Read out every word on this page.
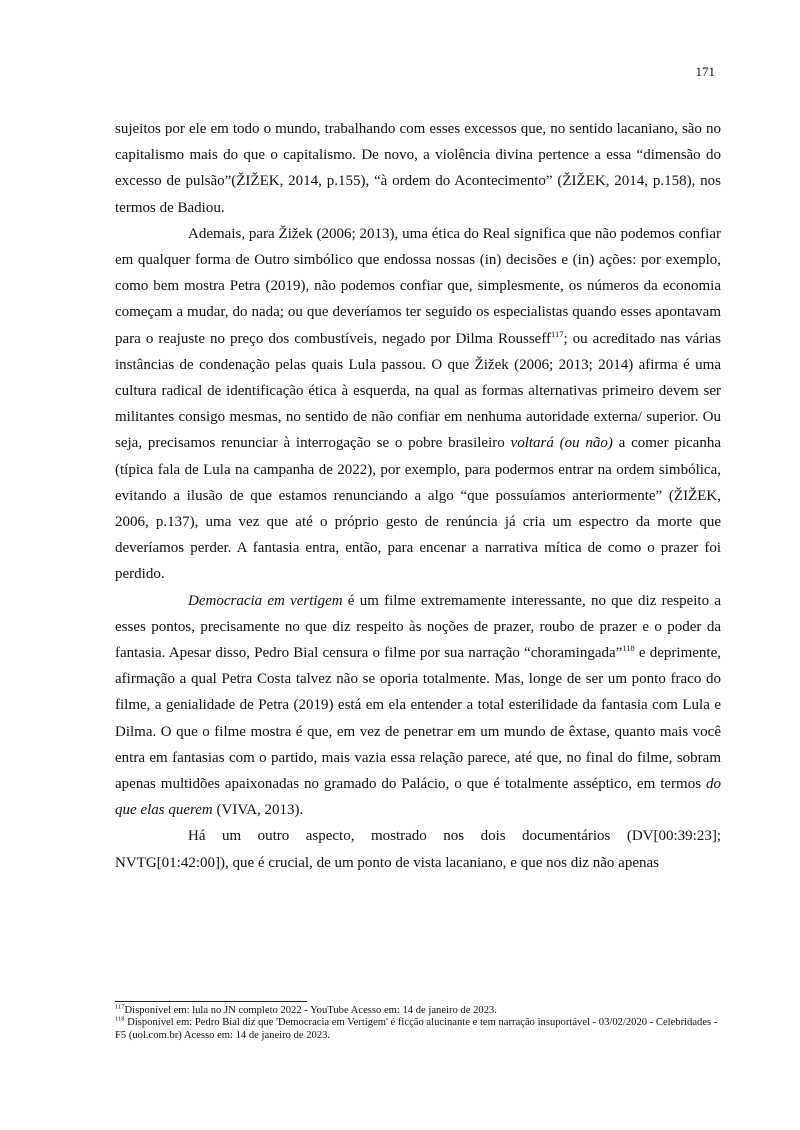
171

sujeitos por ele em todo o mundo, trabalhando com esses excessos que, no sentido lacaniano, são no capitalismo mais do que o capitalismo. De novo, a violência divina pertence a essa “dimensão do excesso de pulsão”(ŽIŽEK, 2014, p.155), “à ordem do Acontecimento” (ŽIŽEK, 2014, p.158), nos termos de Badiou.

Ademais, para Žižek (2006; 2013), uma ética do Real significa que não podemos confiar em qualquer forma de Outro simbólico que endossa nossas (in) decisões e (in) ações: por exemplo, como bem mostra Petra (2019), não podemos confiar que, simplesmente, os números da economia começam a mudar, do nada; ou que deveríamos ter seguido os especialistas quando esses apontavam para o reajuste no preço dos combustíveis, negado por Dilma Rousseff$^{117}$; ou acreditado nas várias instâncias de condenação pelas quais Lula passou. O que Žižek (2006; 2013; 2014) afirma é uma cultura radical de identificação ética à esquerda, na qual as formas alternativas primeiro devem ser militantes consigo mesmas, no sentido de não confiar em nenhuma autoridade externa/ superior. Ou seja, precisamos renunciar à interrogação se o pobre brasileiro voltará (ou não) a comer picanha (típica fala de Lula na campanha de 2022), por exemplo, para podermos entrar na ordem simbólica, evitando a ilusão de que estamos renunciando a algo “que possuíamos anteriormente” (ŽIŽEK, 2006, p.137), uma vez que até o próprio gesto de renúncia já cria um espectro da morte que deveríamos perder. A fantasia entra, então, para encenar a narrativa mítica de como o prazer foi perdido.

Democracia em vertigem é um filme extremamente interessante, no que diz respeito a esses pontos, precisamente no que diz respeito às noções de prazer, roubo de prazer e o poder da fantasia. Apesar disso, Pedro Bial censura o filme por sua narração “choramingada”$^{118}$ e deprimente, afirmação a qual Petra Costa talvez não se oporia totalmente. Mas, longe de ser um ponto fraco do filme, a genialidade de Petra (2019) está em ela entender a total esterilidade da fantasia com Lula e Dilma. O que o filme mostra é que, em vez de penetrar em um mundo de êxtase, quanto mais você entra em fantasias com o partido, mais vazia essa relação parece, até que, no final do filme, sobram apenas multidões apaixonadas no gramado do Palácio, o que é totalmente asséptico, em termos do que elas querem (VIVA, 2013).

Há um outro aspecto, mostrado nos dois documentários (DV[00:39:23]; NVTG[01:42:00]), que é crucial, de um ponto de vista lacaniano, e que nos diz não apenas

$^{117}$Disponível em: lula no JN completo 2022 - YouTube Acesso em: 14 de janeiro de 2023.

$^{118}$ Disponível em: Pedro Bial diz que 'Democracia em Vertigem' é ficção alucinante e tem narração insuportável - 03/02/2020 - Celebridades - F5 (uol.com.br) Acesso em: 14 de janeiro de 2023.
